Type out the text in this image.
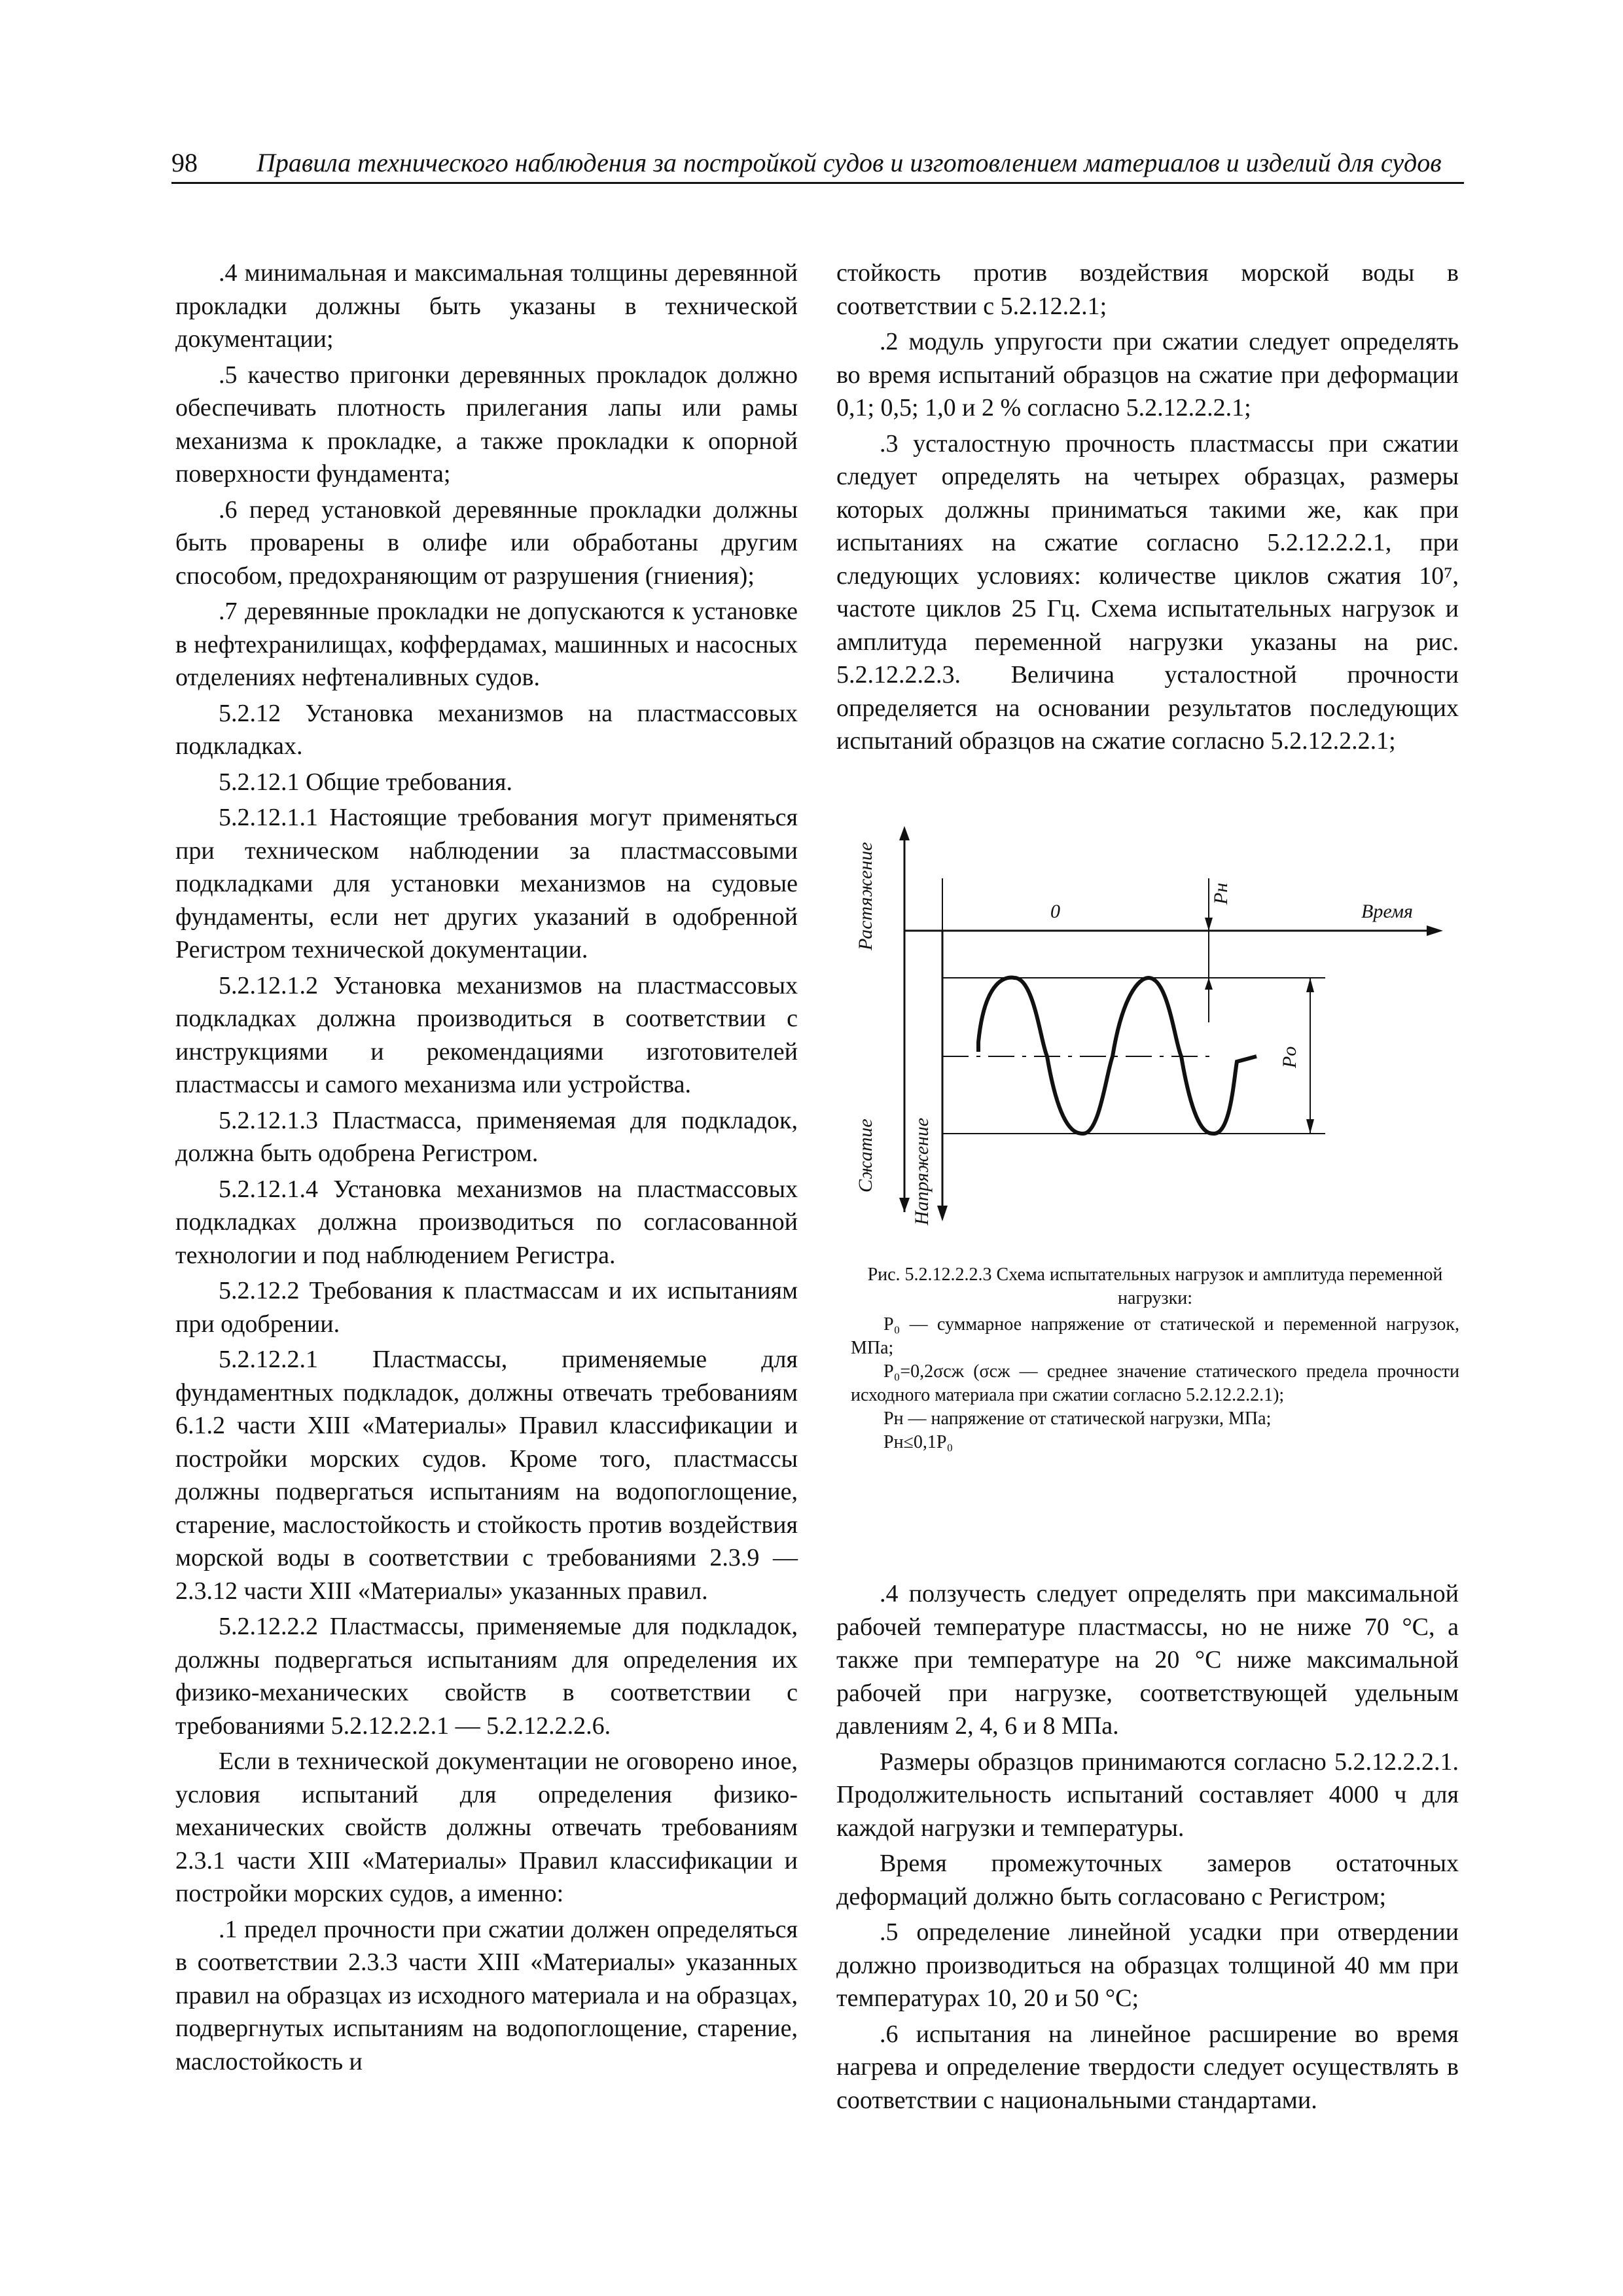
98 Правила технического наблюдения за постройкой судов и изготовлением материалов и изделий для судов

.4 минимальная и максимальная толщины деревянной прокладки должны быть указаны в технической документации;

.5 качество пригонки деревянных прокладок должно обеспечивать плотность прилегания лапы или рамы механизма к прокладке, а также прокладки к опорной поверхности фундамента;

.6 перед установкой деревянные прокладки должны быть проварены в олифе или обработаны другим способом, предохраняющим от разрушения (гниения);

.7 деревянные прокладки не допускаются к установке в нефтехранилищах, коффердамах, машинных и насосных отделениях нефтеналивных судов.

5.2.12 Установка механизмов на пластмассовых подкладках.

5.2.12.1 Общие требования.

5.2.12.1.1 Настоящие требования могут применяться при техническом наблюдении за пластмассовыми подкладками для установки механизмов на судовые фундаменты, если нет других указаний в одобренной Регистром технической документации.

5.2.12.1.2 Установка механизмов на пластмассовых подкладках должна производиться в соответствии с инструкциями и рекомендациями изготовителей пластмассы и самого механизма или устройства.

5.2.12.1.3 Пластмасса, применяемая для подкладок, должна быть одобрена Регистром.

5.2.12.1.4 Установка механизмов на пластмассовых подкладках должна производиться по согласованной технологии и под наблюдением Регистра.

5.2.12.2 Требования к пластмассам и их испытаниям при одобрении.

5.2.12.2.1 Пластмассы, применяемые для фундаментных подкладок, должны отвечать требованиям 6.1.2 части XIII «Материалы» Правил классификации и постройки морских судов. Кроме того, пластмассы должны подвергаться испытаниям на водопоглощение, старение, маслостойкость и стойкость против воздействия морской воды в соответствии с требованиями 2.3.9 — 2.3.12 части XIII «Материалы» указанных правил.

5.2.12.2.2 Пластмассы, применяемые для подкладок, должны подвергаться испытаниям для определения их физико-механических свойств в соответствии с требованиями 5.2.12.2.2.1 — 5.2.12.2.2.6.

Если в технической документации не оговорено иное, условия испытаний для определения физико-механических свойств должны отвечать требованиям 2.3.1 части XIII «Материалы» Правил классификации и постройки морских судов, а именно:

.1 предел прочности при сжатии должен определяться в соответствии 2.3.3 части XIII «Материалы» указанных правил на образцах из исходного материала и на образцах, подвергнутых испытаниям на водопоглощение, старение, маслостойкость и

стойкость против воздействия морской воды в соответствии с 5.2.12.2.1;

.2 модуль упругости при сжатии следует определять во время испытаний образцов на сжатие при деформации 0,1; 0,5; 1,0 и 2 % согласно 5.2.12.2.2.1;

.3 усталостную прочность пластмассы при сжатии следует определять на четырех образцах, размеры которых должны приниматься такими же, как при испытаниях на сжатие согласно 5.2.12.2.2.1, при следующих условиях: количестве циклов сжатия 10⁷, частоте циклов 25 Гц. Схема испытательных нагрузок и амплитуда переменной нагрузки указаны на рис. 5.2.12.2.2.3. Величина усталостной прочности определяется на основании результатов последующих испытаний образцов на сжатие согласно 5.2.12.2.2.1;

Растяжение
Сжатие Напряжение
0	Время
Pн
Po

Рис. 5.2.12.2.2.3 Схема испытательных нагрузок и амплитуда переменной нагрузки:

P₀ — суммарное напряжение от статической и переменной нагрузок, МПа;

P₀=0,2σсж (σсж — среднее значение статического предела прочности исходного материала при сжатии согласно 5.2.12.2.2.1);

Pн — напряжение от статической нагрузки, МПа;

Pн≤0,1P₀

.4 ползучесть следует определять при максимальной рабочей температуре пластмассы, но не ниже 70 °С, а также при температуре на 20 °С ниже максимальной рабочей при нагрузке, соответствующей удельным давлениям 2, 4, 6 и 8 МПа.

Размеры образцов принимаются согласно 5.2.12.2.2.1. Продолжительность испытаний составляет 4000 ч для каждой нагрузки и температуры.

Время промежуточных замеров остаточных деформаций должно быть согласовано с Регистром;

.5 определение линейной усадки при отвердении должно производиться на образцах толщиной 40 мм при температурах 10, 20 и 50 °С;

.6 испытания на линейное расширение во время нагрева и определение твердости следует осуществлять в соответствии с национальными стандартами.
